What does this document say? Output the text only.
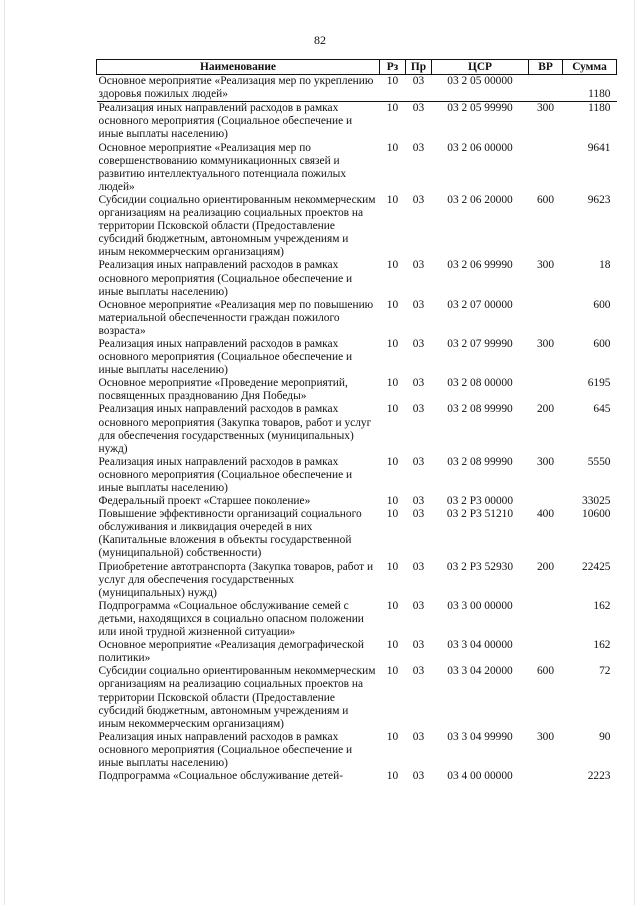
82
Наименование	Рз	Пр	ЦСР	ВР	Сумма
Основное мероприятие «Реализация мер по укреплению здоровья пожилых людей»	10	03	03 2 05 00000		1180
Реализация иных направлений расходов в рамках основного мероприятия (Социальное обеспечение и иные выплаты населению)	10	03	03 2 05 99990	300	1180
Основное мероприятие «Реализация мер по совершенствованию коммуникационных связей и развитию интеллектуального потенциала пожилых людей»	10	03	03 2 06 00000		9641
Субсидии социально ориентированным некоммерческим организациям на реализацию социальных проектов на территории Псковской области (Предоставление субсидий бюджетным, автономным учреждениям и иным некоммерческим организациям)	10	03	03 2 06 20000	600	9623
Реализация иных направлений расходов в рамках основного мероприятия (Социальное обеспечение и иные выплаты населению)	10	03	03 2 06 99990	300	18
Основное мероприятие «Реализация мер по повышению материальной обеспеченности граждан пожилого возраста»	10	03	03 2 07 00000		600
Реализация иных направлений расходов в рамках основного мероприятия (Социальное обеспечение и иные выплаты населению)	10	03	03 2 07 99990	300	600
Основное мероприятие «Проведение мероприятий, посвященных празднованию Дня Победы»	10	03	03 2 08 00000		6195
Реализация иных направлений расходов в рамках основного мероприятия (Закупка товаров, работ и услуг для обеспечения государственных (муниципальных) нужд)	10	03	03 2 08 99990	200	645
Реализация иных направлений расходов в рамках основного мероприятия (Социальное обеспечение и иные выплаты населению)	10	03	03 2 08 99990	300	5550
Федеральный проект «Старшее поколение»	10	03	03 2 P3 00000		33025
Повышение эффективности организаций социального обслуживания и ликвидация очередей в них (Капитальные вложения в объекты государственной (муниципальной) собственности)	10	03	03 2 P3 51210	400	10600
Приобретение автотранспорта (Закупка товаров, работ и услуг для обеспечения государственных (муниципальных) нужд)	10	03	03 2 P3 52930	200	22425
Подпрограмма «Социальное обслуживание семей с детьми, находящихся в социально опасном положении или иной трудной жизненной ситуации»	10	03	03 3 00 00000		162
Основное мероприятие «Реализация демографической политики»	10	03	03 3 04 00000		162
Субсидии социально ориентированным некоммерческим организациям на реализацию социальных проектов на территории Псковской области (Предоставление субсидий бюджетным, автономным учреждениям и иным некоммерческим организациям)	10	03	03 3 04 20000	600	72
Реализация иных направлений расходов в рамках основного мероприятия (Социальное обеспечение и иные выплаты населению)	10	03	03 3 04 99990	300	90
Подпрограмма «Социальное обслуживание детей-	10	03	03 4 00 00000		2223
